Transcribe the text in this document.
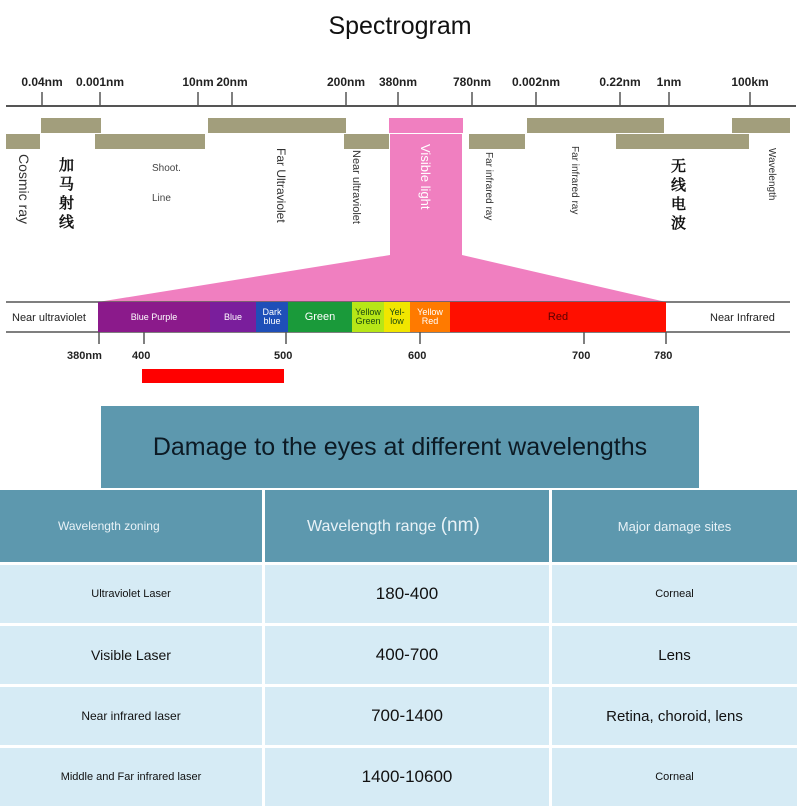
Spectrogram
0.04nm 0.001nm	10nm 20nm	200nm 380nm	780nm 0.002nm	0.22nm 1nm	100km
Cosmic ray 加马射线	Shoot.
Line	Far Ultraviolet	Near ultraviolet	Visible light	Far infrared ray	Far infrared ray	无线电波	Wavelength
Blue Purple	Blue	Dark blue	Green	Yellow Green
Yel-low
Yellow Red	Red
Near ultraviolet	Near Infrared
380nm	400	500	600	700	780
Damage to the eyes at different wavelengths
Wavelength zoning	Wavelength range (nm)	Major damage sites
Ultraviolet Laser	180-400	Corneal
Visible Laser	400-700	Lens
Near infrared laser	700-1400	Retina, choroid, lens
Middle and Far infrared laser	1400-10600	Corneal
